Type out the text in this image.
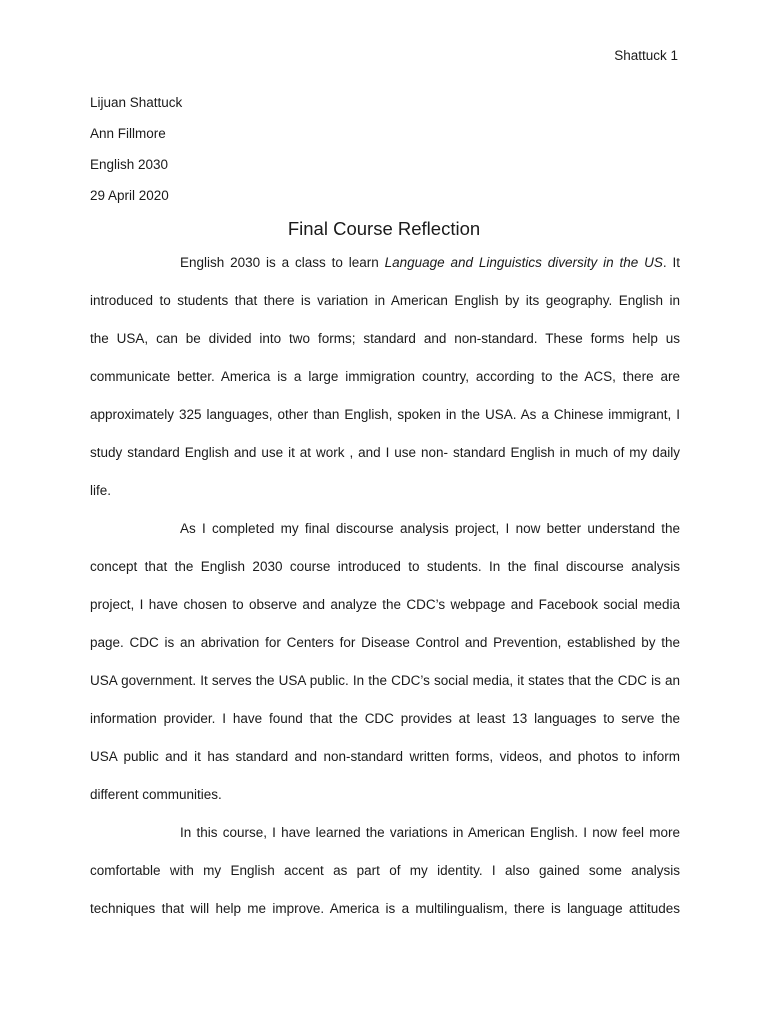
Shattuck 1
Lijuan Shattuck
Ann Fillmore
English 2030
29 April 2020
Final Course Reflection
English 2030 is a class to learn Language and Linguistics diversity in the US. It
introduced to students that there is variation in American English by its geography. English in
the USA, can be divided into two forms; standard and non-standard. These forms help us
communicate better. America is a large immigration country, according to the ACS, there are
approximately 325 languages, other than English, spoken in the USA. As a Chinese immigrant, I
study standard English and use it at work , and I use non- standard English in much of my daily
life.
As I completed my final discourse analysis project, I now better understand the
concept that the English 2030 course introduced to students. In the final discourse analysis
project, I have chosen to observe and analyze the CDC’s webpage and Facebook social media
page. CDC is an abrivation for Centers for Disease Control and Prevention, established by the
USA government. It serves the USA public. In the CDC’s social media, it states that the CDC is an
information provider. I have found that the CDC provides at least 13 languages to serve the
USA public and it has standard and non-standard written forms, videos, and photos to inform
different communities.
In this course, I have learned the variations in American English. I now feel more
comfortable with my English accent as part of my identity. I also gained some analysis
techniques that will help me improve. America is a multilingualism, there is language attitudes
